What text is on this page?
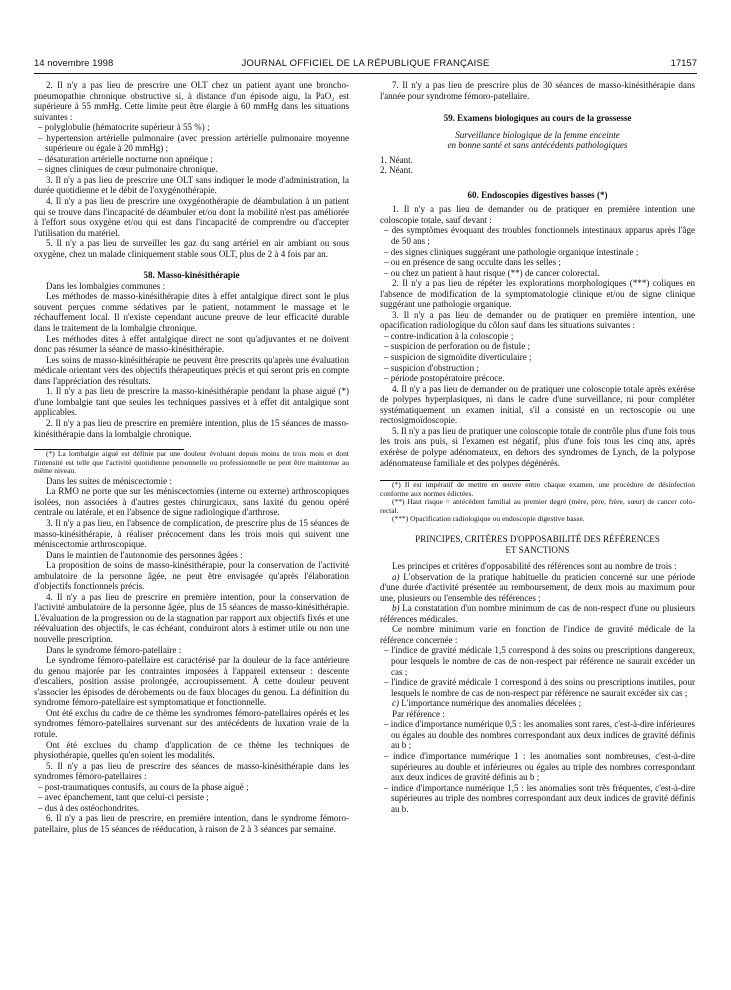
14 novembre 1998	JOURNAL OFFICIEL DE LA RÉPUBLIQUE FRANÇAISE	17157

2. Il n'y a pas lieu de prescrire une OLT chez un patient ayant une broncho-pneumopathie chronique obstructive si, à distance d'un épisode aigu, la PaO₂ est supérieure à 55 mmHg. Cette limite peut être élargie à 60 mmHg dans les situations suivantes :

– polyglobulie (hématocrite supérieur à 55 %) ;
– hypertension artérielle pulmonaire (avec pression artérielle pulmonaire moyenne supérieure ou égale à 20 mmHg) ;
– désaturation artérielle nocturne non apnéique ;
– signes cliniques de cœur pulmonaire chronique.

3. Il n'y a pas lieu de prescrire une OLT sans indiquer le mode d'administration, la durée quotidienne et le débit de l'oxygénothérapie.

4. Il n'y a pas lieu de prescrire une oxygénothérapie de déambulation à un patient qui se trouve dans l'incapacité de déambuler et/ou dont la mobilité n'est pas améliorée à l'effort sous oxygène et/ou qui est dans l'incapacité de comprendre ou d'accepter l'utilisation du matériel.

5. Il n'y a pas lieu de surveiller les gaz du sang artériel en air ambiant ou sous oxygène, chez un malade cliniquement stable sous OLT, plus de 2 à 4 fois par an.

58. Masso-kinésithérapie

Dans les lombalgies communes :

Les méthodes de masso-kinésithérapie dites à effet antalgique direct sont le plus souvent perçues comme sédatives par le patient, notamment le massage et le réchauffement local. Il n'existe cependant aucune preuve de leur efficacité durable dans le traitement de la lombalgie chronique.

Les méthodes dites à effet antalgique direct ne sont qu'adjuvantes et ne doivent donc pas résumer la séance de masso-kinésithérapie.

Les soins de masso-kinésithérapie ne peuvent être prescrits qu'après une évaluation médicale orientant vers des objectifs thérapeutiques précis et qui seront pris en compte dans l'appréciation des résultats.

1. Il n'y a pas lieu de prescrire la masso-kinésithérapie pendant la phase aiguë (*) d'une lombalgie tant que seules les techniques passives et à effet dit antalgique sont applicables.

2. Il n'y a pas lieu de prescrire en première intention, plus de 15 séances de masso-kinésithérapie dans la lombalgie chronique.

(*) La lombalgie aiguë est définie par une douleur évoluant depuis moins de trois mois et dont l'intensité est telle que l'activité quotidienne personnelle ou professionnelle ne peut être maintenue au même niveau.

Dans les suites de méniscectomie :

La RMO ne porte que sur les méniscectomies (interne ou externe) arthroscopiques isolées, non associées à d'autres gestes chirurgicaux, sans laxité du genou opéré centrale ou latérale, et en l'absence de signe radiologique d'arthrose.

3. Il n'y a pas lieu, en l'absence de complication, de prescrire plus de 15 séances de masso-kinésithérapie, à réaliser précocement dans les trois mois qui suivent une méniscectomie arthroscopique.

Dans le maintien de l'autonomie des personnes âgées :

La proposition de soins de masso-kinésithérapie, pour la conservation de l'activité ambulatoire de la personne âgée, ne peut être envisagée qu'après l'élaboration d'objectifs fonctionnels précis.

4. Il n'y a pas lieu de prescrire en première intention, pour la conservation de l'activité ambulatoire de la personne âgée, plus de 15 séances de masso-kinésithérapie. L'évaluation de la progression ou de la stagnation par rapport aux objectifs fixés et une réévaluation des objectifs, le cas échéant, conduiront alors à estimer utile ou non une nouvelle prescription.

Dans le syndrome fémoro-patellaire :

Le syndrome fémoro-patellaire est caractérisé par la douleur de la face antérieure du genou majorée par les contraintes imposées à l'appareil extenseur : descente d'escaliers, position assise prolongée, accroupissement. À cette douleur peuvent s'associer les épisodes de dérobements ou de faux blocages du genou. La définition du syndrome fémoro-patellaire est symptomatique et fonctionnelle.

Ont été exclus du cadre de ce thème les syndromes fémoro-patellaires opérés et les syndromes fémoro-patellaires survenant sur des antécédents de luxation vraie de la rotule.

Ont été exclues du champ d'application de ce thème les techniques de physiothérapie, quelles qu'en soient les modalités.

5. Il n'y a pas lieu de prescrire des séances de masso-kinésithérapie dans les syndromes fémoro-patellaires :

– post-traumatiques contusifs, au cours de la phase aiguë ;
– avec épanchement, tant que celui-ci persiste ;
– dus à des ostéochondrites.

6. Il n'y a pas lieu de prescrire, en première intention, dans le syndrome fémoro-patellaire, plus de 15 séances de rééducation, à raison de 2 à 3 séances par semaine.

7. Il n'y a pas lieu de prescrire plus de 30 séances de masso-kinésithérapie dans l'année pour syndrome fémoro-patellaire.

59. Examens biologiques au cours de la grossesse

Surveillance biologique de la femme enceinte

en bonne santé et sans antécédents pathologiques

1. Néant.

2. Néant.

60. Endoscopies digestives basses (*)

1. Il n'y a pas lieu de demander ou de pratiquer en première intention une coloscopie totale, sauf devant :

– des symptômes évoquant des troubles fonctionnels intestinaux apparus après l'âge de 50 ans ;
– des signes cliniques suggérant une pathologie organique intestinale ;
– ou en présence de sang occulte dans les selles ;
– ou chez un patient à haut risque (**) de cancer colorectal.

2. Il n'y a pas lieu de répéter les explorations morphologiques (***) coliques en l'absence de modification de la symptomatologie clinique et/ou de signe clinique suggérant une pathologie organique.

3. Il n'y a pas lieu de demander ou de pratiquer en première intention, une opacification radiologique du côlon sauf dans les situations suivantes :

– contre-indication à la coloscopie ;
– suspicion de perforation ou de fistule ;
– suspicion de sigmoïdite diverticulaire ;
– suspicion d'obstruction ;
– période postopératoire précoce.

4. Il n'y a pas lieu de demander ou de pratiquer une coloscopie totale après exérèse de polypes hyperplasiques, ni dans le cadre d'une surveillance, ni pour compléter systématiquement un examen initial, s'il a consisté en un rectoscopie ou une rectosigmoïdoscopie.

5. Il n'y a pas lieu de pratiquer une coloscopie totale de contrôle plus d'une fois tous les trois ans puis, si l'examen est négatif, plus d'une fois tous les cinq ans, après exérèse de polype adénomateux, en dehors des syndromes de Lynch, de la polypose adénomateuse familiale et des polypes dégénérés.

(*) Il est impératif de mettre en œuvre entre chaque examen, une procédure de désinfection conforme aux normes édictées.

(**) Haut risque = antécédent familial au premier degré (mère, père, frère, sœur) de cancer colo-rectal.

(***) Opacification radiologique ou endoscopie digestive basse.

PRINCIPES, CRITÈRES D'OPPOSABILITÉ DES RÉFÉRENCES

ET SANCTIONS

Les principes et critères d'opposabilité des références sont au nombre de trois :

a) L'observation de la pratique habituelle du praticien concerné sur une période d'une durée d'activité présentée au remboursement, de deux mois au maximum pour une, plusieurs ou l'ensemble des références ;

b) La constatation d'un nombre minimum de cas de non-respect d'une ou plusieurs références médicales.

Ce nombre minimum varie en fonction de l'indice de gravité médicale de la référence concernée :

– l'indice de gravité médicale 1,5 correspond à des soins ou prescriptions dangereux, pour lesquels le nombre de cas de non-respect par référence ne saurait excéder un cas ;
– l'indice de gravité médicale 1 correspond à des soins ou prescriptions inutiles, pour lesquels le nombre de cas de non-respect par référence ne saurait excéder six cas ;

c) L'importance numérique des anomalies décelées ;

Par référence :

– indice d'importance numérique 0,5 : les anomalies sont rares, c'est-à-dire inférieures ou égales au double des nombres correspondant aux deux indices de gravité définis au b ;
– indice d'importance numérique 1 : les anomalies sont nombreuses, c'est-à-dire supérieures au double et inférieures ou égales au triple des nombres correspondant aux deux indices de gravité définis au b ;
– indice d'importance numérique 1,5 : les anomalies sont très fréquentes, c'est-à-dire supérieures au triple des nombres correspondant aux deux indices de gravité définis au b.
